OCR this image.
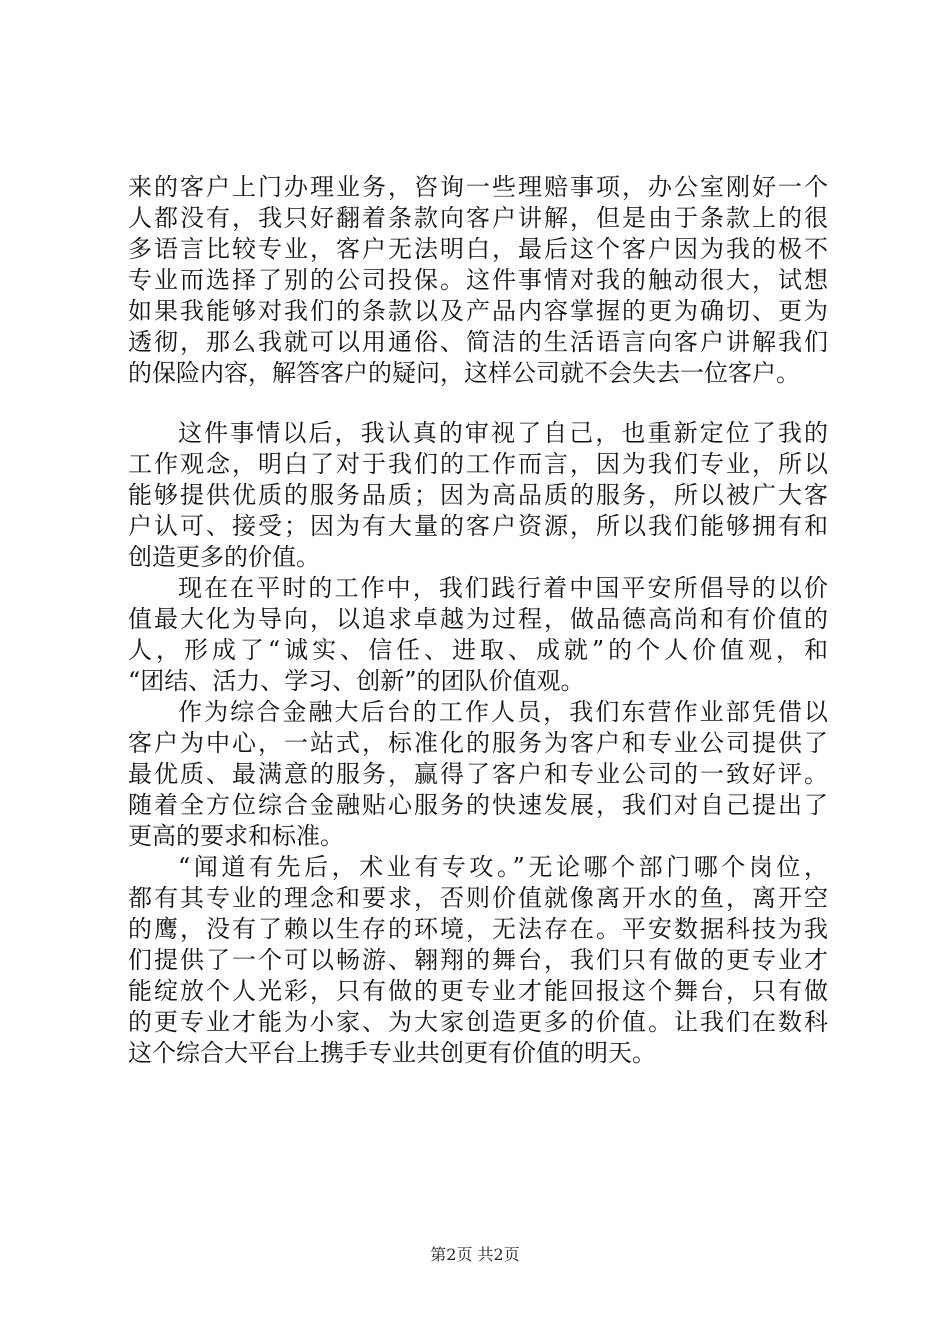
来的客户上门办理业务，咨询一些理赔事项，办公室刚好一个
人都没有，我只好翻着条款向客户讲解，但是由于条款上的很
多语言比较专业，客户无法明白，最后这个客户因为我的极不
专业而选择了别的公司投保。这件事情对我的触动很大，试想
如果我能够对我们的条款以及产品内容掌握的更为确切、更为
透彻，那么我就可以用通俗、简洁的生活语言向客户讲解我们
的保险内容，解答客户的疑问，这样公司就不会失去一位客户。
这件事情以后，我认真的审视了自己，也重新定位了我的
工作观念，明白了对于我们的工作而言，因为我们专业，所以
能够提供优质的服务品质；因为高品质的服务，所以被广大客
户认可、接受；因为有大量的客户资源，所以我们能够拥有和
创造更多的价值。
现在在平时的工作中，我们践行着中国平安所倡导的以价
值最大化为导向，以追求卓越为过程，做品德高尚和有价值的
人，形成了“诚实、信任、进取、成就”的个人价值观，和
“团结、活力、学习、创新”的团队价值观。
作为综合金融大后台的工作人员，我们东营作业部凭借以
客户为中心，一站式，标准化的服务为客户和专业公司提供了
最优质、最满意的服务，赢得了客户和专业公司的一致好评。
随着全方位综合金融贴心服务的快速发展，我们对自己提出了
更高的要求和标准。
“闻道有先后，术业有专攻。”无论哪个部门哪个岗位，
都有其专业的理念和要求，否则价值就像离开水的鱼，离开空
的鹰，没有了赖以生存的环境，无法存在。平安数据科技为我
们提供了一个可以畅游、翱翔的舞台，我们只有做的更专业才
能绽放个人光彩，只有做的更专业才能回报这个舞台，只有做
的更专业才能为小家、为大家创造更多的价值。让我们在数科
这个综合大平台上携手专业共创更有价值的明天。
第2页 共2页
